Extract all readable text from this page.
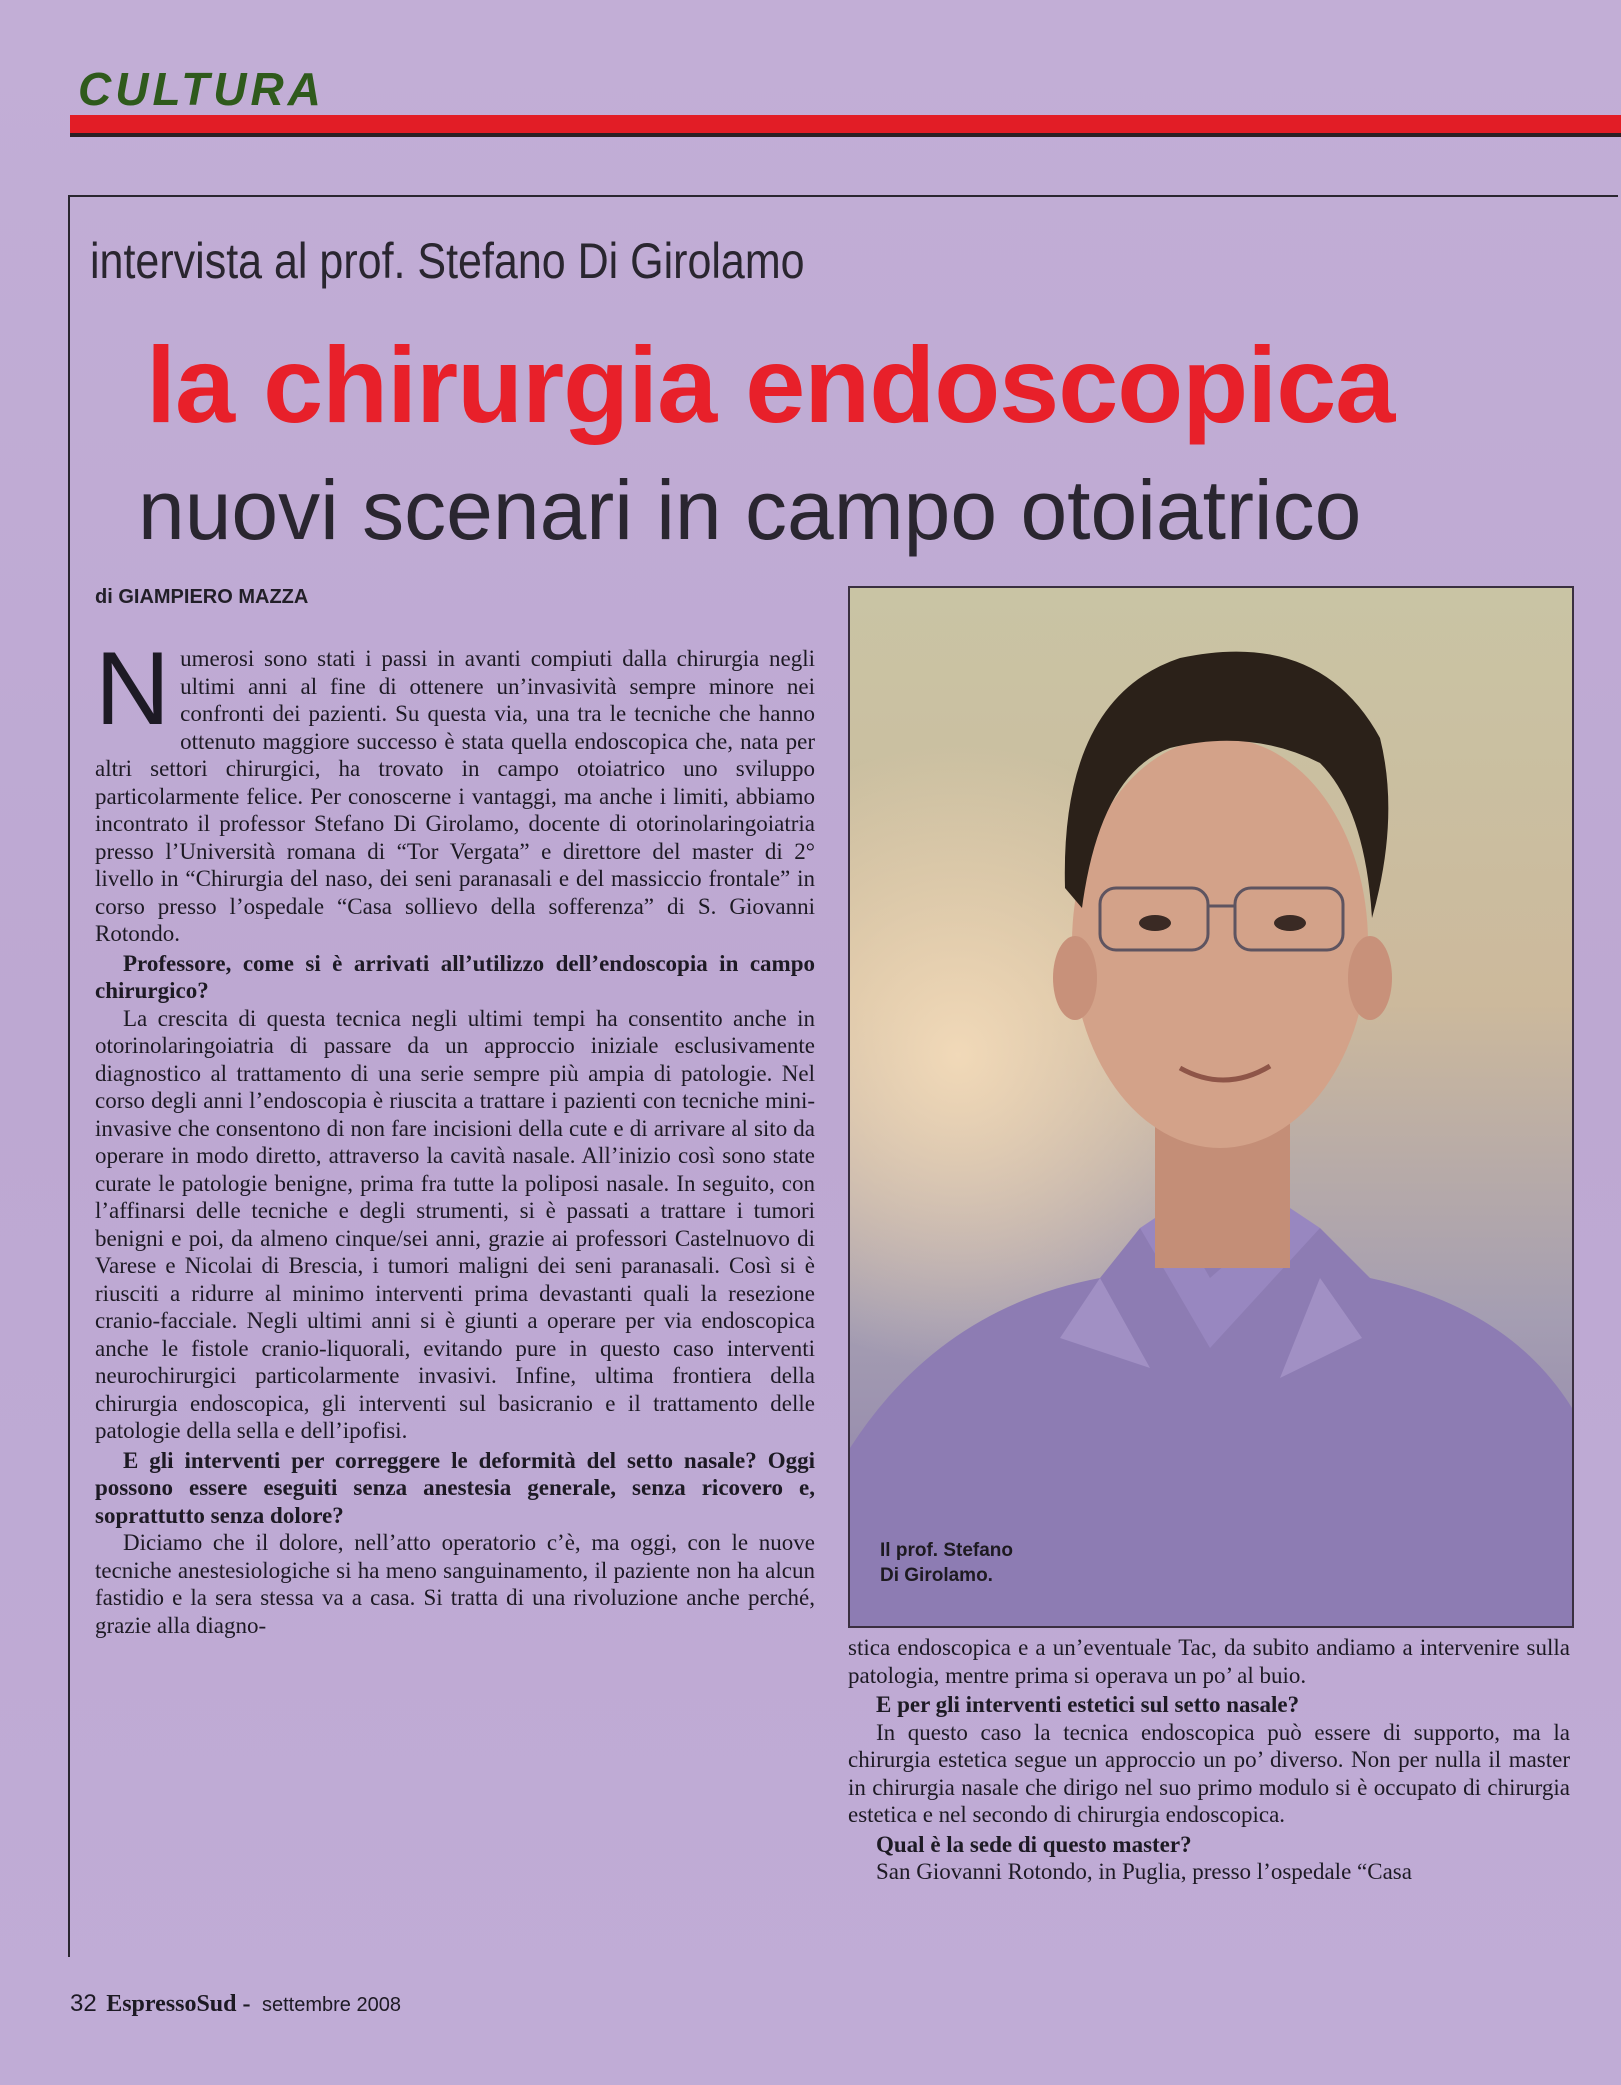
CULTURA
intervista al prof. Stefano Di Girolamo
la chirurgia endoscopica
nuovi scenari in campo otoiatrico
di GIAMPIERO MAZZA

Numerosi sono stati i passi in avanti compiuti dalla chirurgia negli ultimi anni al fine di ottenere un’invasività sempre minore nei confronti dei pazienti. Su questa via, una tra le tecniche che hanno ottenuto maggiore successo è stata quella endoscopica che, nata per altri settori chirurgici, ha trovato in campo otoiatrico uno sviluppo particolarmente felice. Per conoscerne i vantaggi, ma anche i limiti, abbiamo incontrato il professor Stefano Di Girolamo, docente di otorinolaringoiatria presso l’Università romana di “Tor Vergata” e direttore del master di 2° livello in “Chirurgia del naso, dei seni paranasali e del massiccio frontale” in corso presso l’ospedale “Casa sollievo della sofferenza” di S. Giovanni Rotondo.

Professore, come si è arrivati all’utilizzo dell’endoscopia in campo chirurgico?

La crescita di questa tecnica negli ultimi tempi ha consentito anche in otorinolaringoiatria di passare da un approccio iniziale esclusivamente diagnostico al trattamento di una serie sempre più ampia di patologie. Nel corso degli anni l’endoscopia è riuscita a trattare i pazienti con tecniche mini-invasive che consentono di non fare incisioni della cute e di arrivare al sito da operare in modo diretto, attraverso la cavità nasale. All’inizio così sono state curate le patologie benigne, prima fra tutte la poliposi nasale. In seguito, con l’affinarsi delle tecniche e degli strumenti, si è passati a trattare i tumori benigni e poi, da almeno cinque/sei anni, grazie ai professori Castelnuovo di Varese e Nicolai di Brescia, i tumori maligni dei seni paranasali. Così si è riusciti a ridurre al minimo interventi prima devastanti quali la resezione cranio-facciale. Negli ultimi anni si è giunti a operare per via endoscopica anche le fistole cranio-liquorali, evitando pure in questo caso interventi neurochirurgici particolarmente invasivi. Infine, ultima frontiera della chirurgia endoscopica, gli interventi sul basicranio e il trattamento delle patologie della sella e dell’ipofisi.

E gli interventi per correggere le deformità del setto nasale? Oggi possono essere eseguiti senza anestesia generale, senza ricovero e, soprattutto senza dolore?

Diciamo che il dolore, nell’atto operatorio c’è, ma oggi, con le nuove tecniche anestesiologiche si ha meno sanguinamento, il paziente non ha alcun fastidio e la sera stessa va a casa. Si tratta di una rivoluzione anche perché, grazie alla diagno-

Il prof. Stefano
Di Girolamo.

stica endoscopica e a un’eventuale Tac, da subito andiamo a intervenire sulla patologia, mentre prima si operava un po’ al buio.

E per gli interventi estetici sul setto nasale?

In questo caso la tecnica endoscopica può essere di supporto, ma la chirurgia estetica segue un approccio un po’ diverso. Non per nulla il master in chirurgia nasale che dirigo nel suo primo modulo si è occupato di chirurgia estetica e nel secondo di chirurgia endoscopica.

Qual è la sede di questo master?

San Giovanni Rotondo, in Puglia, presso l’ospedale “Casa

32 EspressoSud - settembre 2008
